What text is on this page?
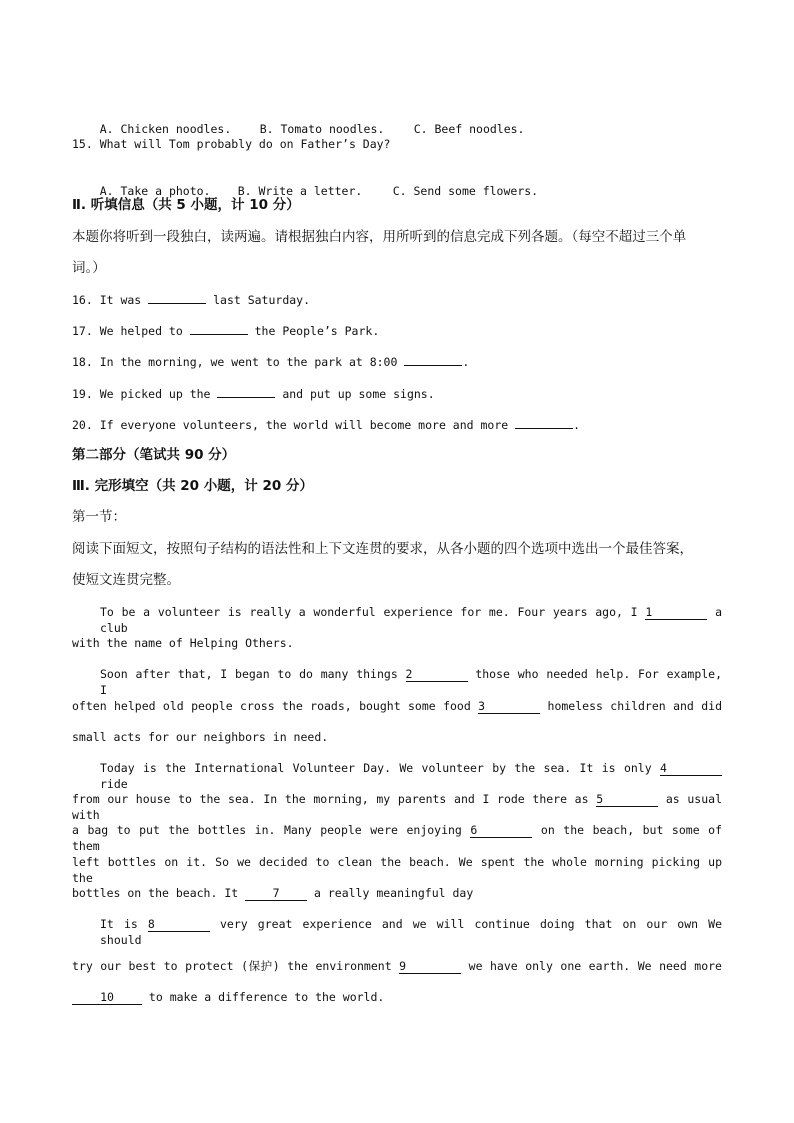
A. Chicken noodles. B. Tomato noodles.	C. Beef noodles.

15. What will Tom probably do on Father’s Day?

A. Take a photo. B. Write a letter.	C. Send some flowers.

Ⅱ. 听填信息（共 5 小题，计 10 分）
本题你将听到一段独白，读两遍。请根据独白内容，用所听到的信息完成下列各题。（每空不超过三个单
词。）
16. It was	last Saturday.
17. We helped to	the People’s Park.
18. In the morning, we went to the park at 8:00	.
19. We picked up the	and put up some signs.
20. If everyone volunteers, the world will become more and more	.
第二部分（笔试共 90 分）
Ⅲ. 完形填空（共 20 小题，计 20 分）
第一节：
阅读下面短文，按照句子结构的语法性和上下文连贯的要求，从各小题的四个选项中选出一个最佳答案，
使短文连贯完整。
To be a volunteer is really a wonderful experience for me. Four years ago, I 1	a club
with the name of Helping Others.
Soon after that, I began to do many things 2	those who needed help. For example, I
often helped old people cross the roads, bought some food 3	homeless children and did
small acts for our neighbors in need.
Today is the International Volunteer Day. We volunteer by the sea. It is only 4 ride
from our house to the sea. In the morning, my parents and I rode there as 5	as usual with
a bag to put the bottles in. Many people were enjoying 6	on the beach, but some of them
left bottles on it. So we decided to clean the beach. We spent the whole morning picking up the
bottles on the beach. It 7 a really meaningful day
It is 8	very great experience and we will continue doing that on our own We should
try our best to protect (保护) the environment 9	we have only one earth. We need more
10 to make a difference to the world.
